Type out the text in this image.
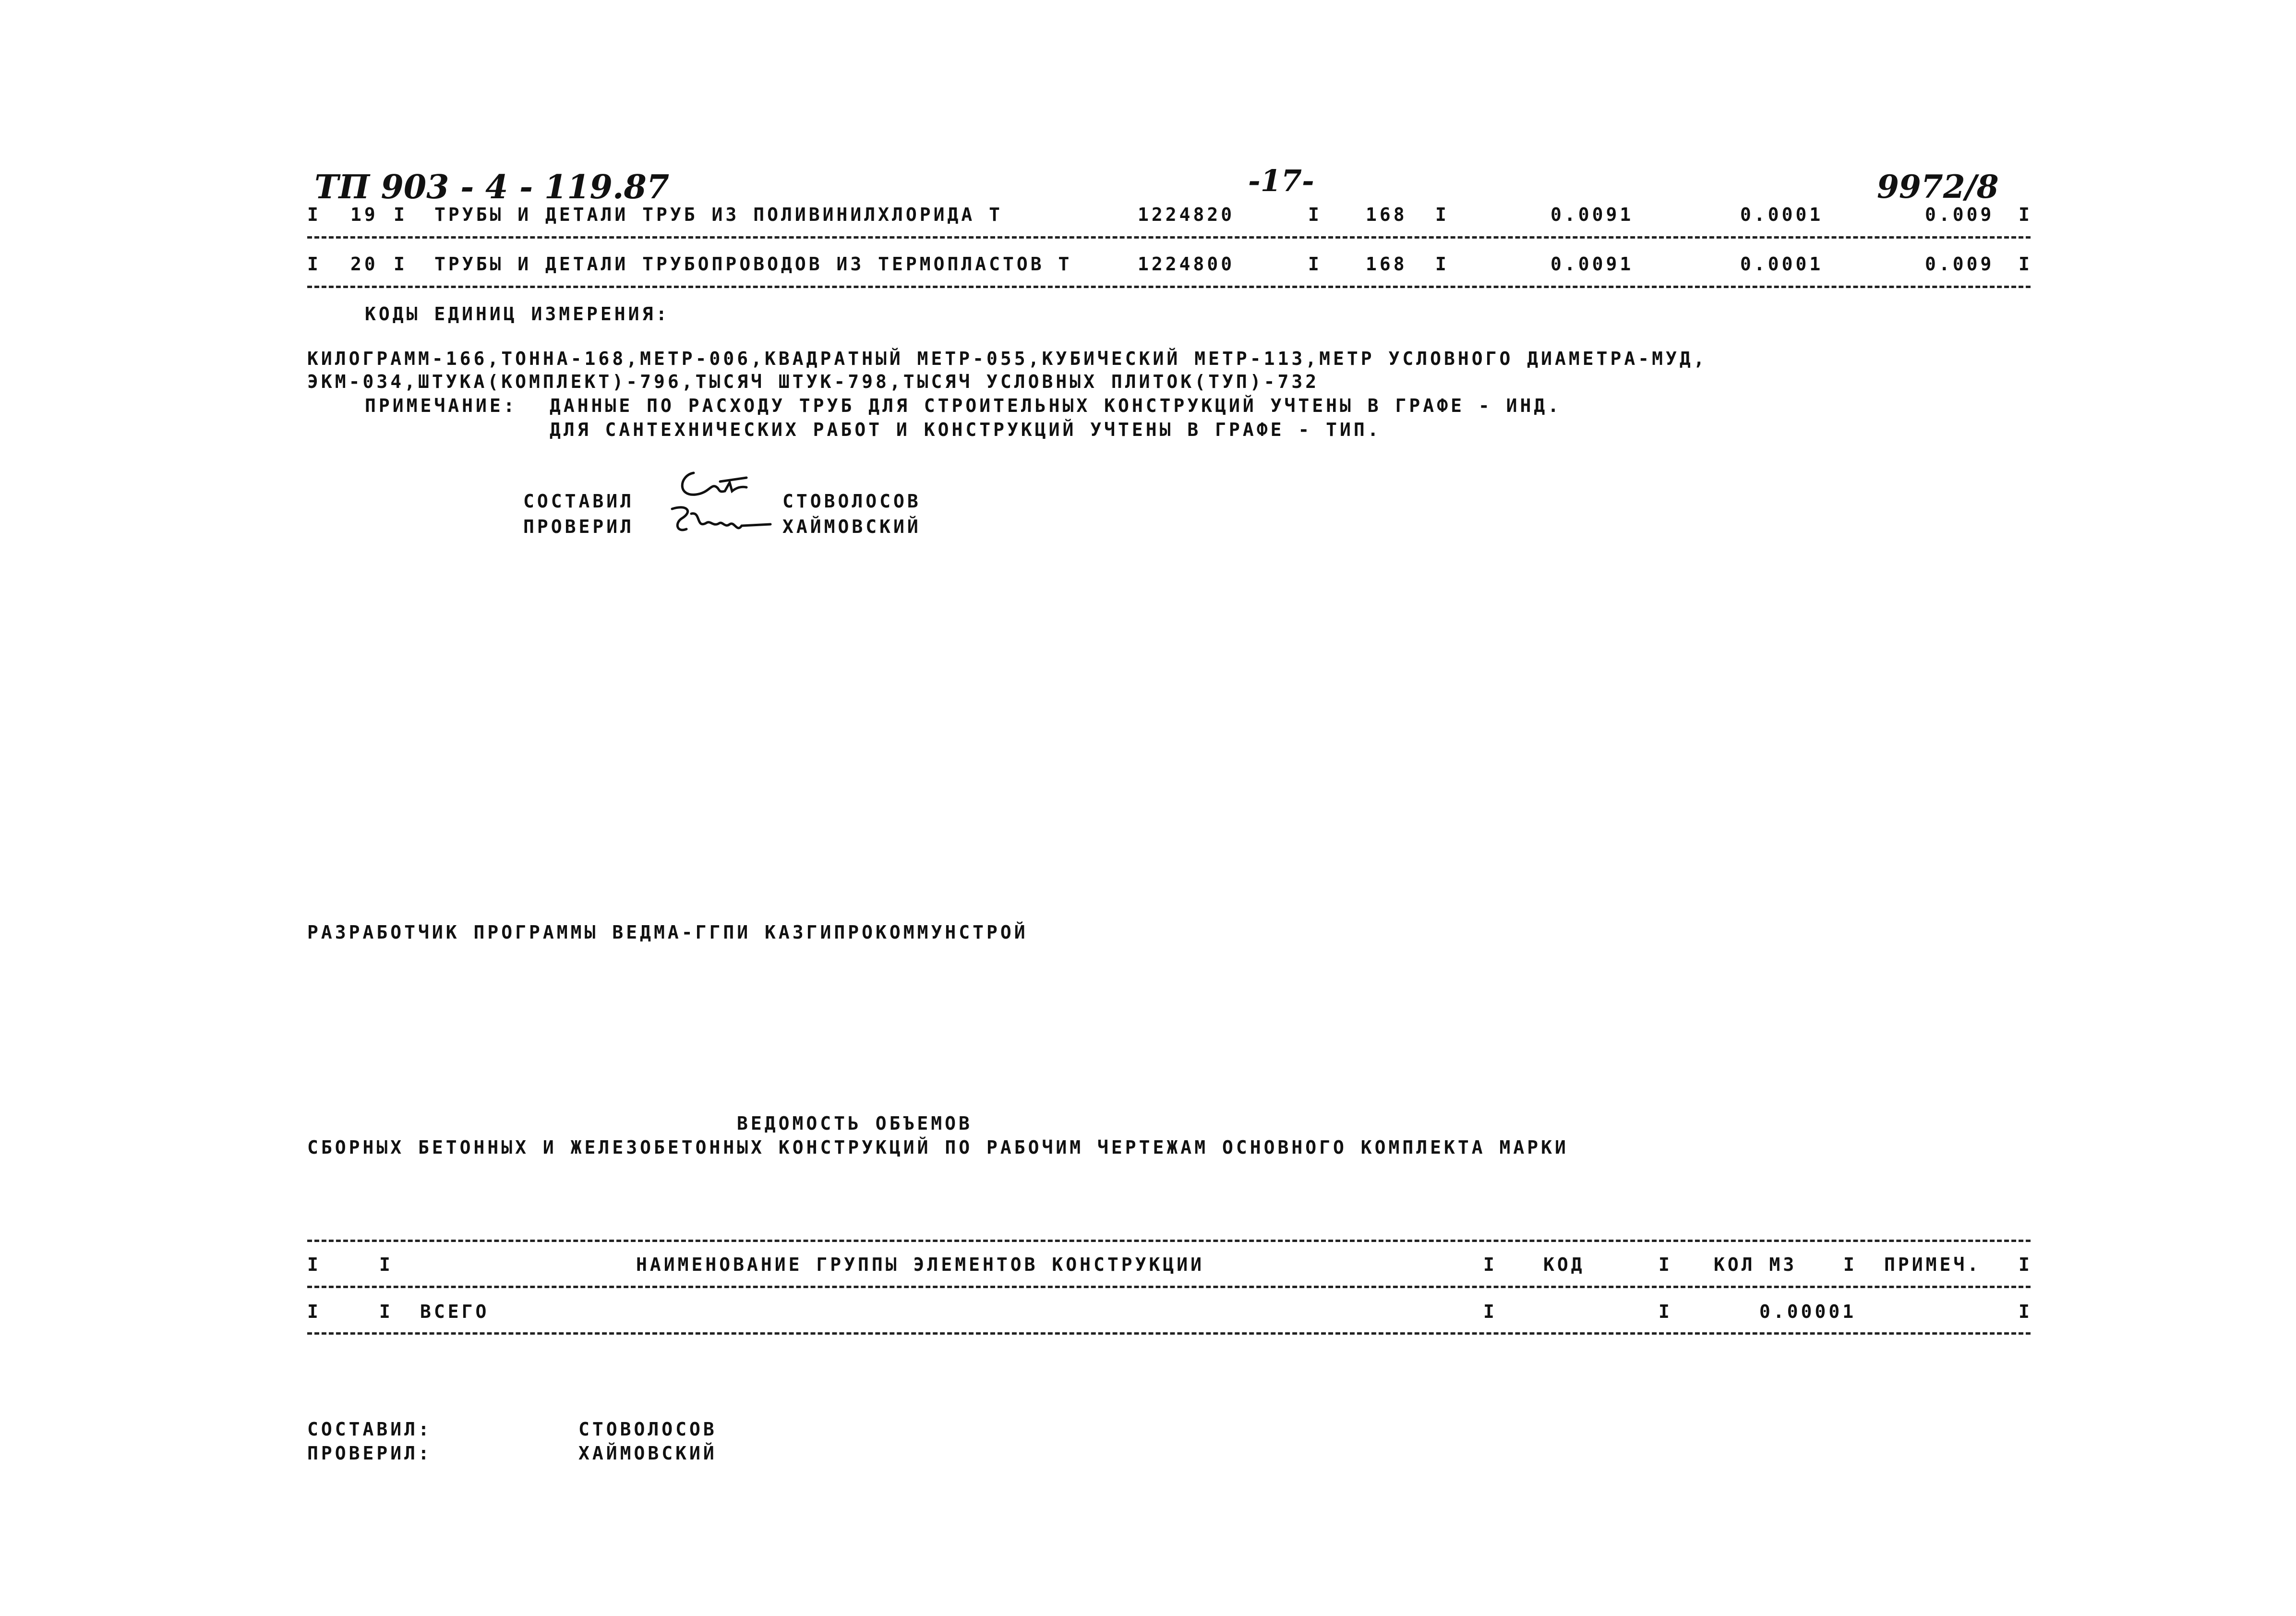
ТП 903 - 4 - 119.87	-17-	9972/8
I 19 I ТРУБЫ И ДЕТАЛИ ТРУБ ИЗ ПОЛИВИНИЛХЛОРИДА Т	1224820	I 168 I	0.0091	0.0001	0.009 I
I 20 I ТРУБЫ И ДЕТАЛИ ТРУБОПРОВОДОВ ИЗ ТЕРМОПЛАСТОВ Т	1224800	I 168 I	0.0091	0.0001	0.009 I
КОДЫ ЕДИНИЦ ИЗМЕРЕНИЯ:
КИЛОГРАММ-166,ТОННА-168,МЕТР-006,КВАДРАТНЫЙ МЕТР-055,КУБИЧЕСКИЙ МЕТР-113,МЕТР УСЛОВНОГО ДИАМЕТРА-МУД,
ЭКМ-034,ШТУКА(КОМПЛЕКТ)-796,ТЫСЯЧ ШТУК-798,ТЫСЯЧ УСЛОВНЫХ ПЛИТОК(ТУП)-732
ПРИМЕЧАНИЕ: ДАННЫЕ ПО РАСХОДУ ТРУБ ДЛЯ СТРОИТЕЛЬНЫХ КОНСТРУКЦИЙ УЧТЕНЫ В ГРАФЕ - ИНД.
ДЛЯ САНТЕХНИЧЕСКИХ РАБОТ И КОНСТРУКЦИЙ УЧТЕНЫ В ГРАФЕ - ТИП.
СОСТАВИЛ	СТОВОЛОСОВ
ПРОВЕРИЛ	ХАЙМОВСКИЙ
РАЗРАБОТЧИК ПРОГРАММЫ ВЕДМА-ГГПИ КАЗГИПРОКОММУНСТРОЙ
ВЕДОМОСТЬ ОБЪЕМОВ
СБОРНЫХ БЕТОННЫХ И ЖЕЛЕЗОБЕТОННЫХ КОНСТРУКЦИЙ ПО РАБОЧИМ ЧЕРТЕЖАМ ОСНОВНОГО КОМПЛЕКТА МАРКИ
I	I	НАИМЕНОВАНИЕ ГРУППЫ ЭЛЕМЕНТОВ КОНСТРУКЦИИ	I	КОД	I КОЛ МЗ	I ПРИМЕЧ. I
I	I ВСЕГО	I	I	0.00001	I
СОСТАВИЛ:	СТОВОЛОСОВ
ПРОВЕРИЛ:	ХАЙМОВСКИЙ
